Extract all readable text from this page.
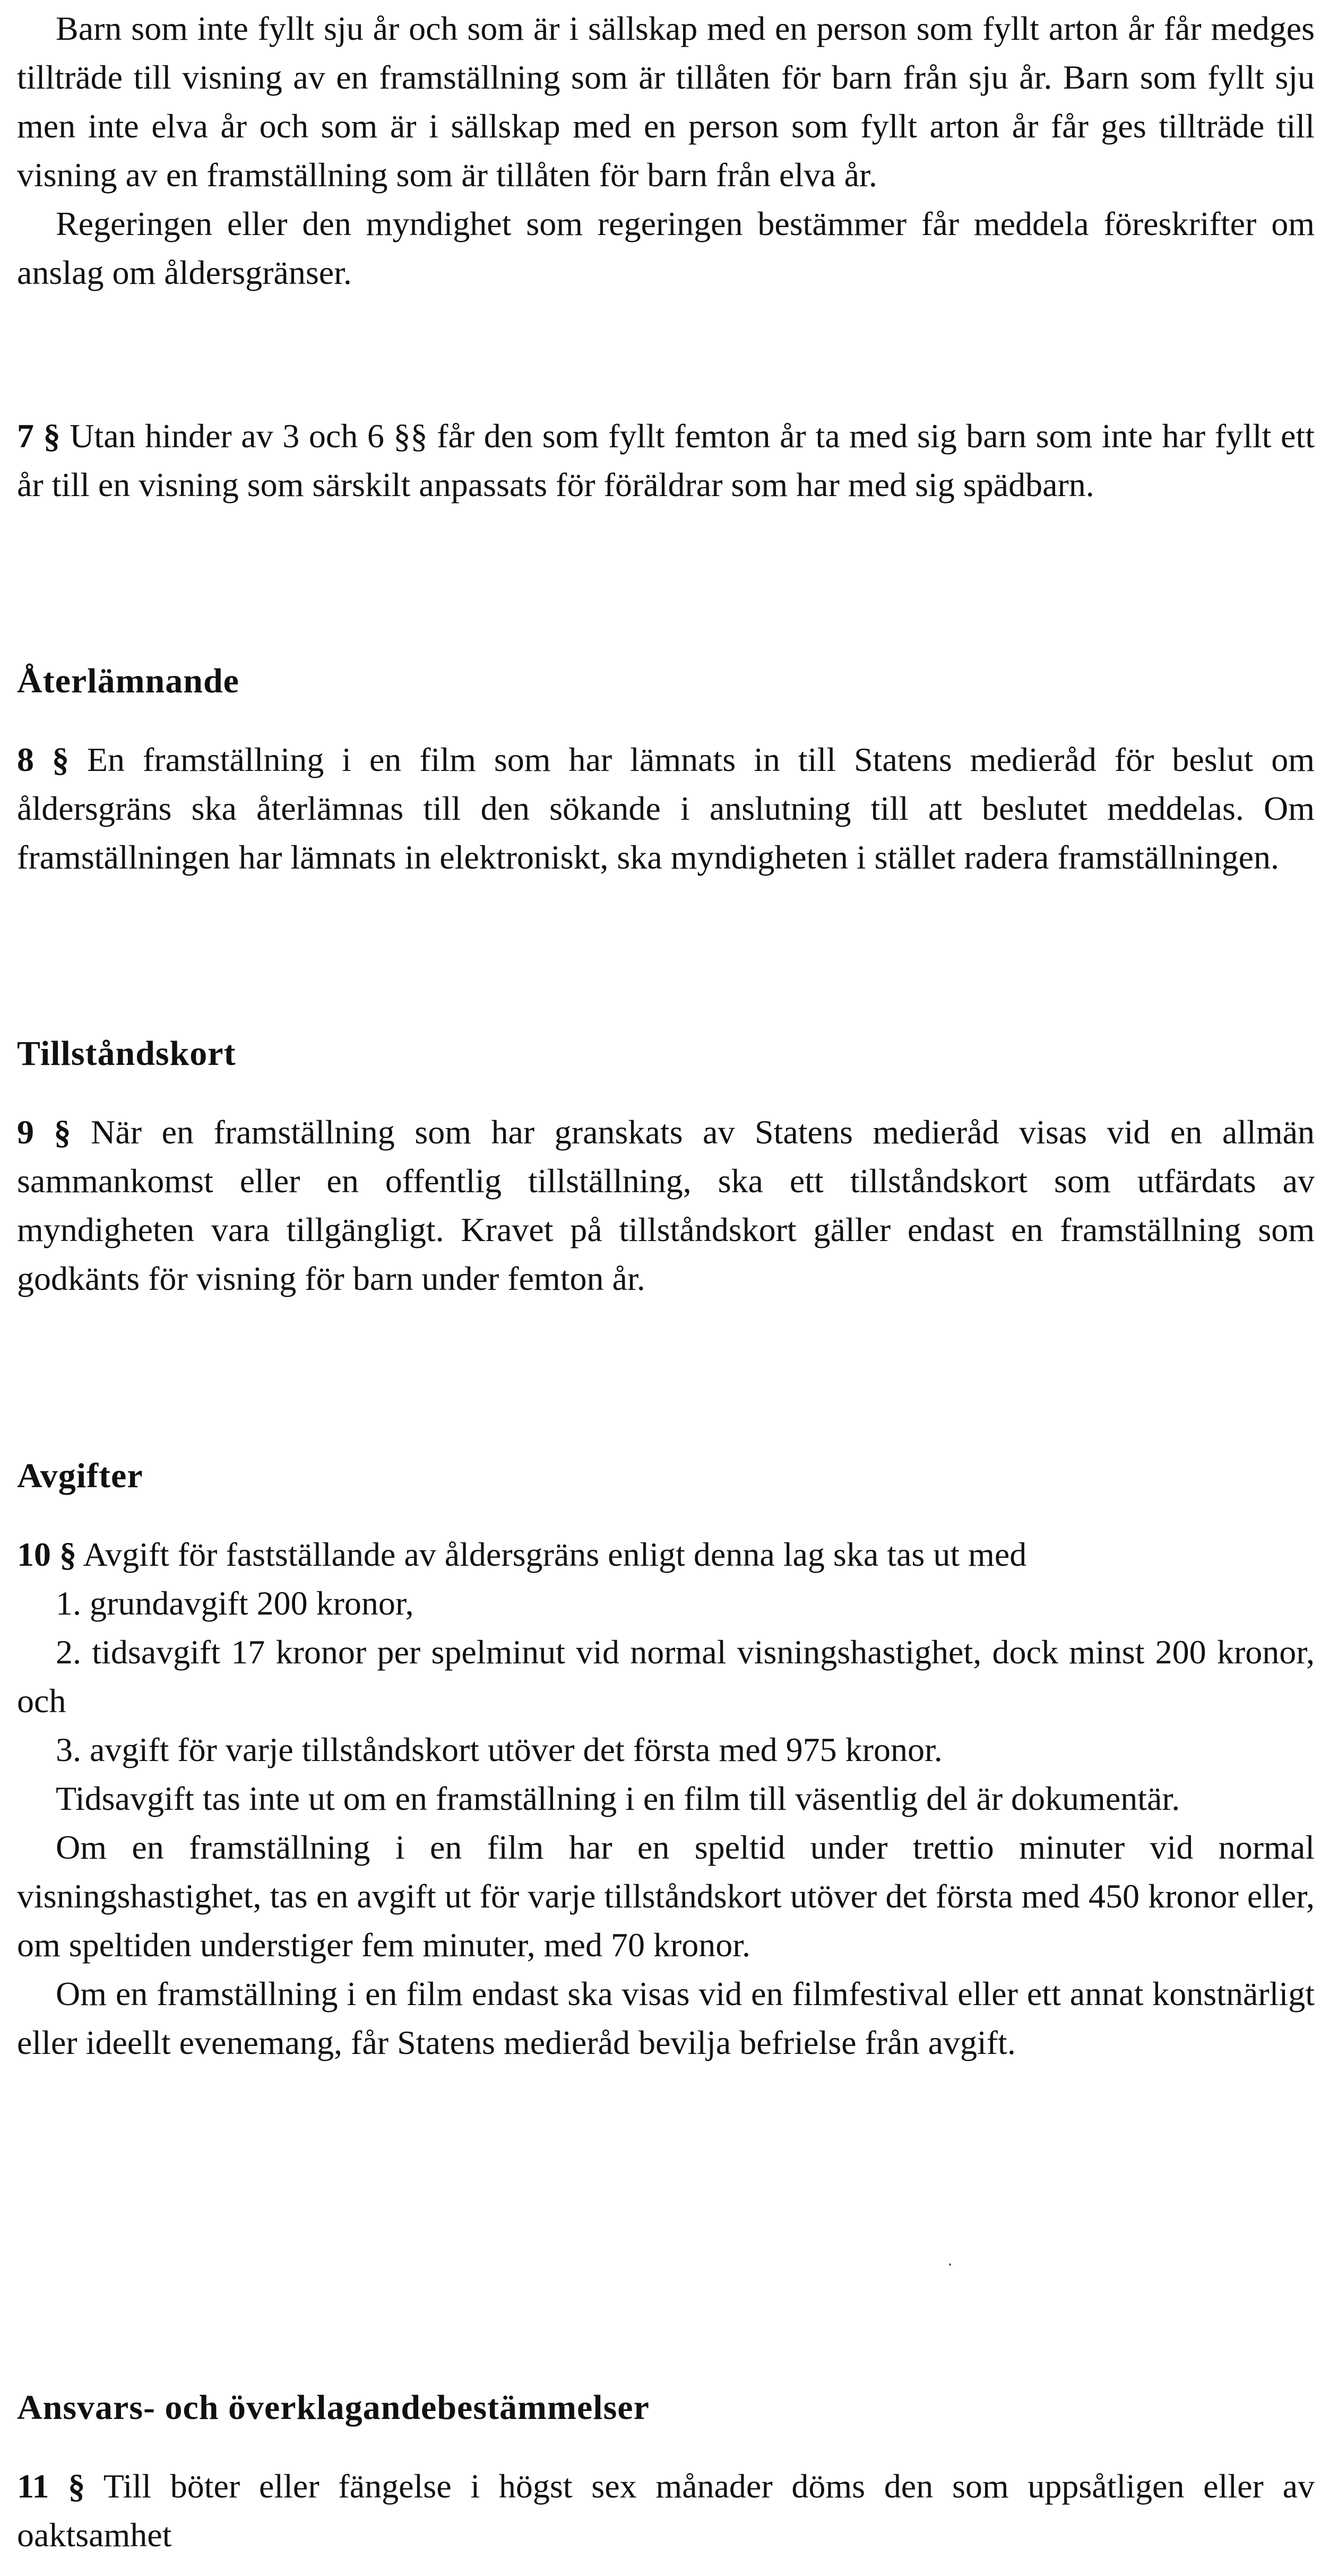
Barn som inte fyllt sju år och som är i sällskap med en person som fyllt arton år får medges tillträde till visning av en framställning som är tillåten för barn från sju år. Barn som fyllt sju men inte elva år och som är i sällskap med en person som fyllt arton år får ges tillträde till visning av en framställning som är tillåten för barn från elva år.

Regeringen eller den myndighet som regeringen bestämmer får meddela föreskrifter om anslag om åldersgränser.

7 § Utan hinder av 3 och 6 §§ får den som fyllt femton år ta med sig barn som inte har fyllt ett år till en visning som särskilt anpassats för föräldrar som har med sig spädbarn.

Återlämnande

8 § En framställning i en film som har lämnats in till Statens medieråd för beslut om åldersgräns ska återlämnas till den sökande i anslutning till att beslutet meddelas. Om framställningen har lämnats in elektroniskt, ska myndigheten i stället radera framställningen.

Tillståndskort

9 § När en framställning som har granskats av Statens medieråd visas vid en allmän sammankomst eller en offentlig tillställning, ska ett tillståndskort som utfärdats av myndigheten vara tillgängligt. Kravet på tillståndskort gäller endast en framställning som godkänts för visning för barn under femton år.

Avgifter

10 § Avgift för fastställande av åldersgräns enligt denna lag ska tas ut med

1. grundavgift 200 kronor,

2. tidsavgift 17 kronor per spelminut vid normal visningshastighet, dock minst 200 kronor, och

3. avgift för varje tillståndskort utöver det första med 975 kronor.

Tidsavgift tas inte ut om en framställning i en film till väsentlig del är dokumentär.

Om en framställning i en film har en speltid under trettio minuter vid normal visningshastighet, tas en avgift ut för varje tillståndskort utöver det första med 450 kronor eller, om speltiden understiger fem minuter, med 70 kronor.

Om en framställning i en film endast ska visas vid en filmfestival eller ett annat konstnärligt eller ideellt evenemang, får Statens medieråd bevilja befrielse från avgift.

Ansvars- och överklagandebestämmelser

11 § Till böter eller fängelse i högst sex månader döms den som uppsåtligen eller av oaktsamhet
